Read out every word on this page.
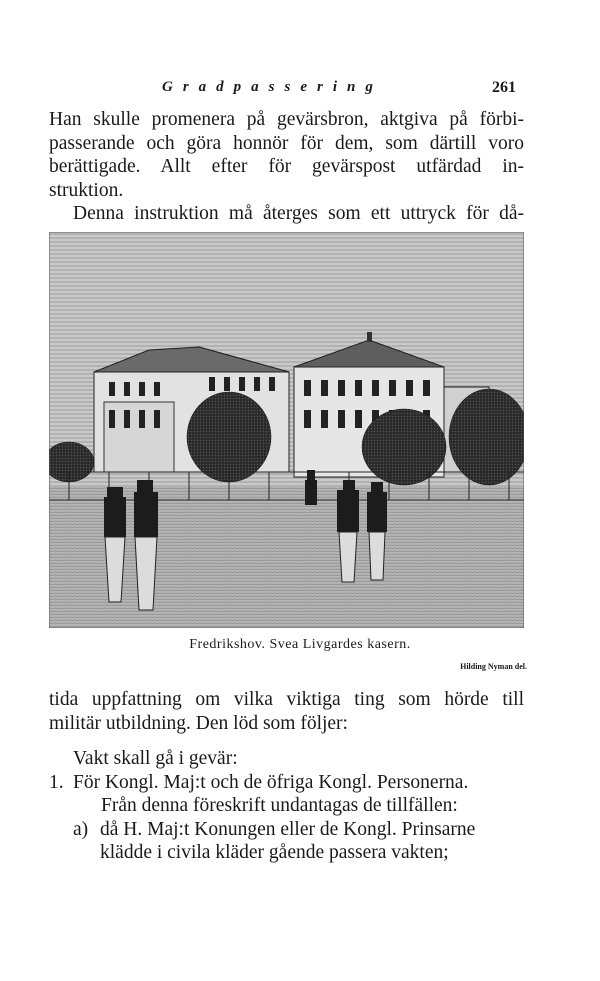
Gradpassering	261

Han skulle promenera på gevärsbron, aktgiva på förbi-

passerande och göra honnör för dem, som därtill voro

berättigade. Allt efter för gevärspost utfärdad in-

struktion.

Denna instruktion må återges som ett uttryck för då-

Fredrikshov. Svea Livgardes kasern.
Hilding Nyman del.

tida uppfattning om vilka viktiga ting som hörde till

militär utbildning. Den löd som följer:

Vakt skall gå i gevär:
1. För Kongl. Maj:t och de öfriga Kongl. Personerna.
Från denna föreskrift undantagas de tillfällen:
a) då H. Maj:t Konungen eller de Kongl. Prinsarne
klädde i civila kläder gående passera vakten;
